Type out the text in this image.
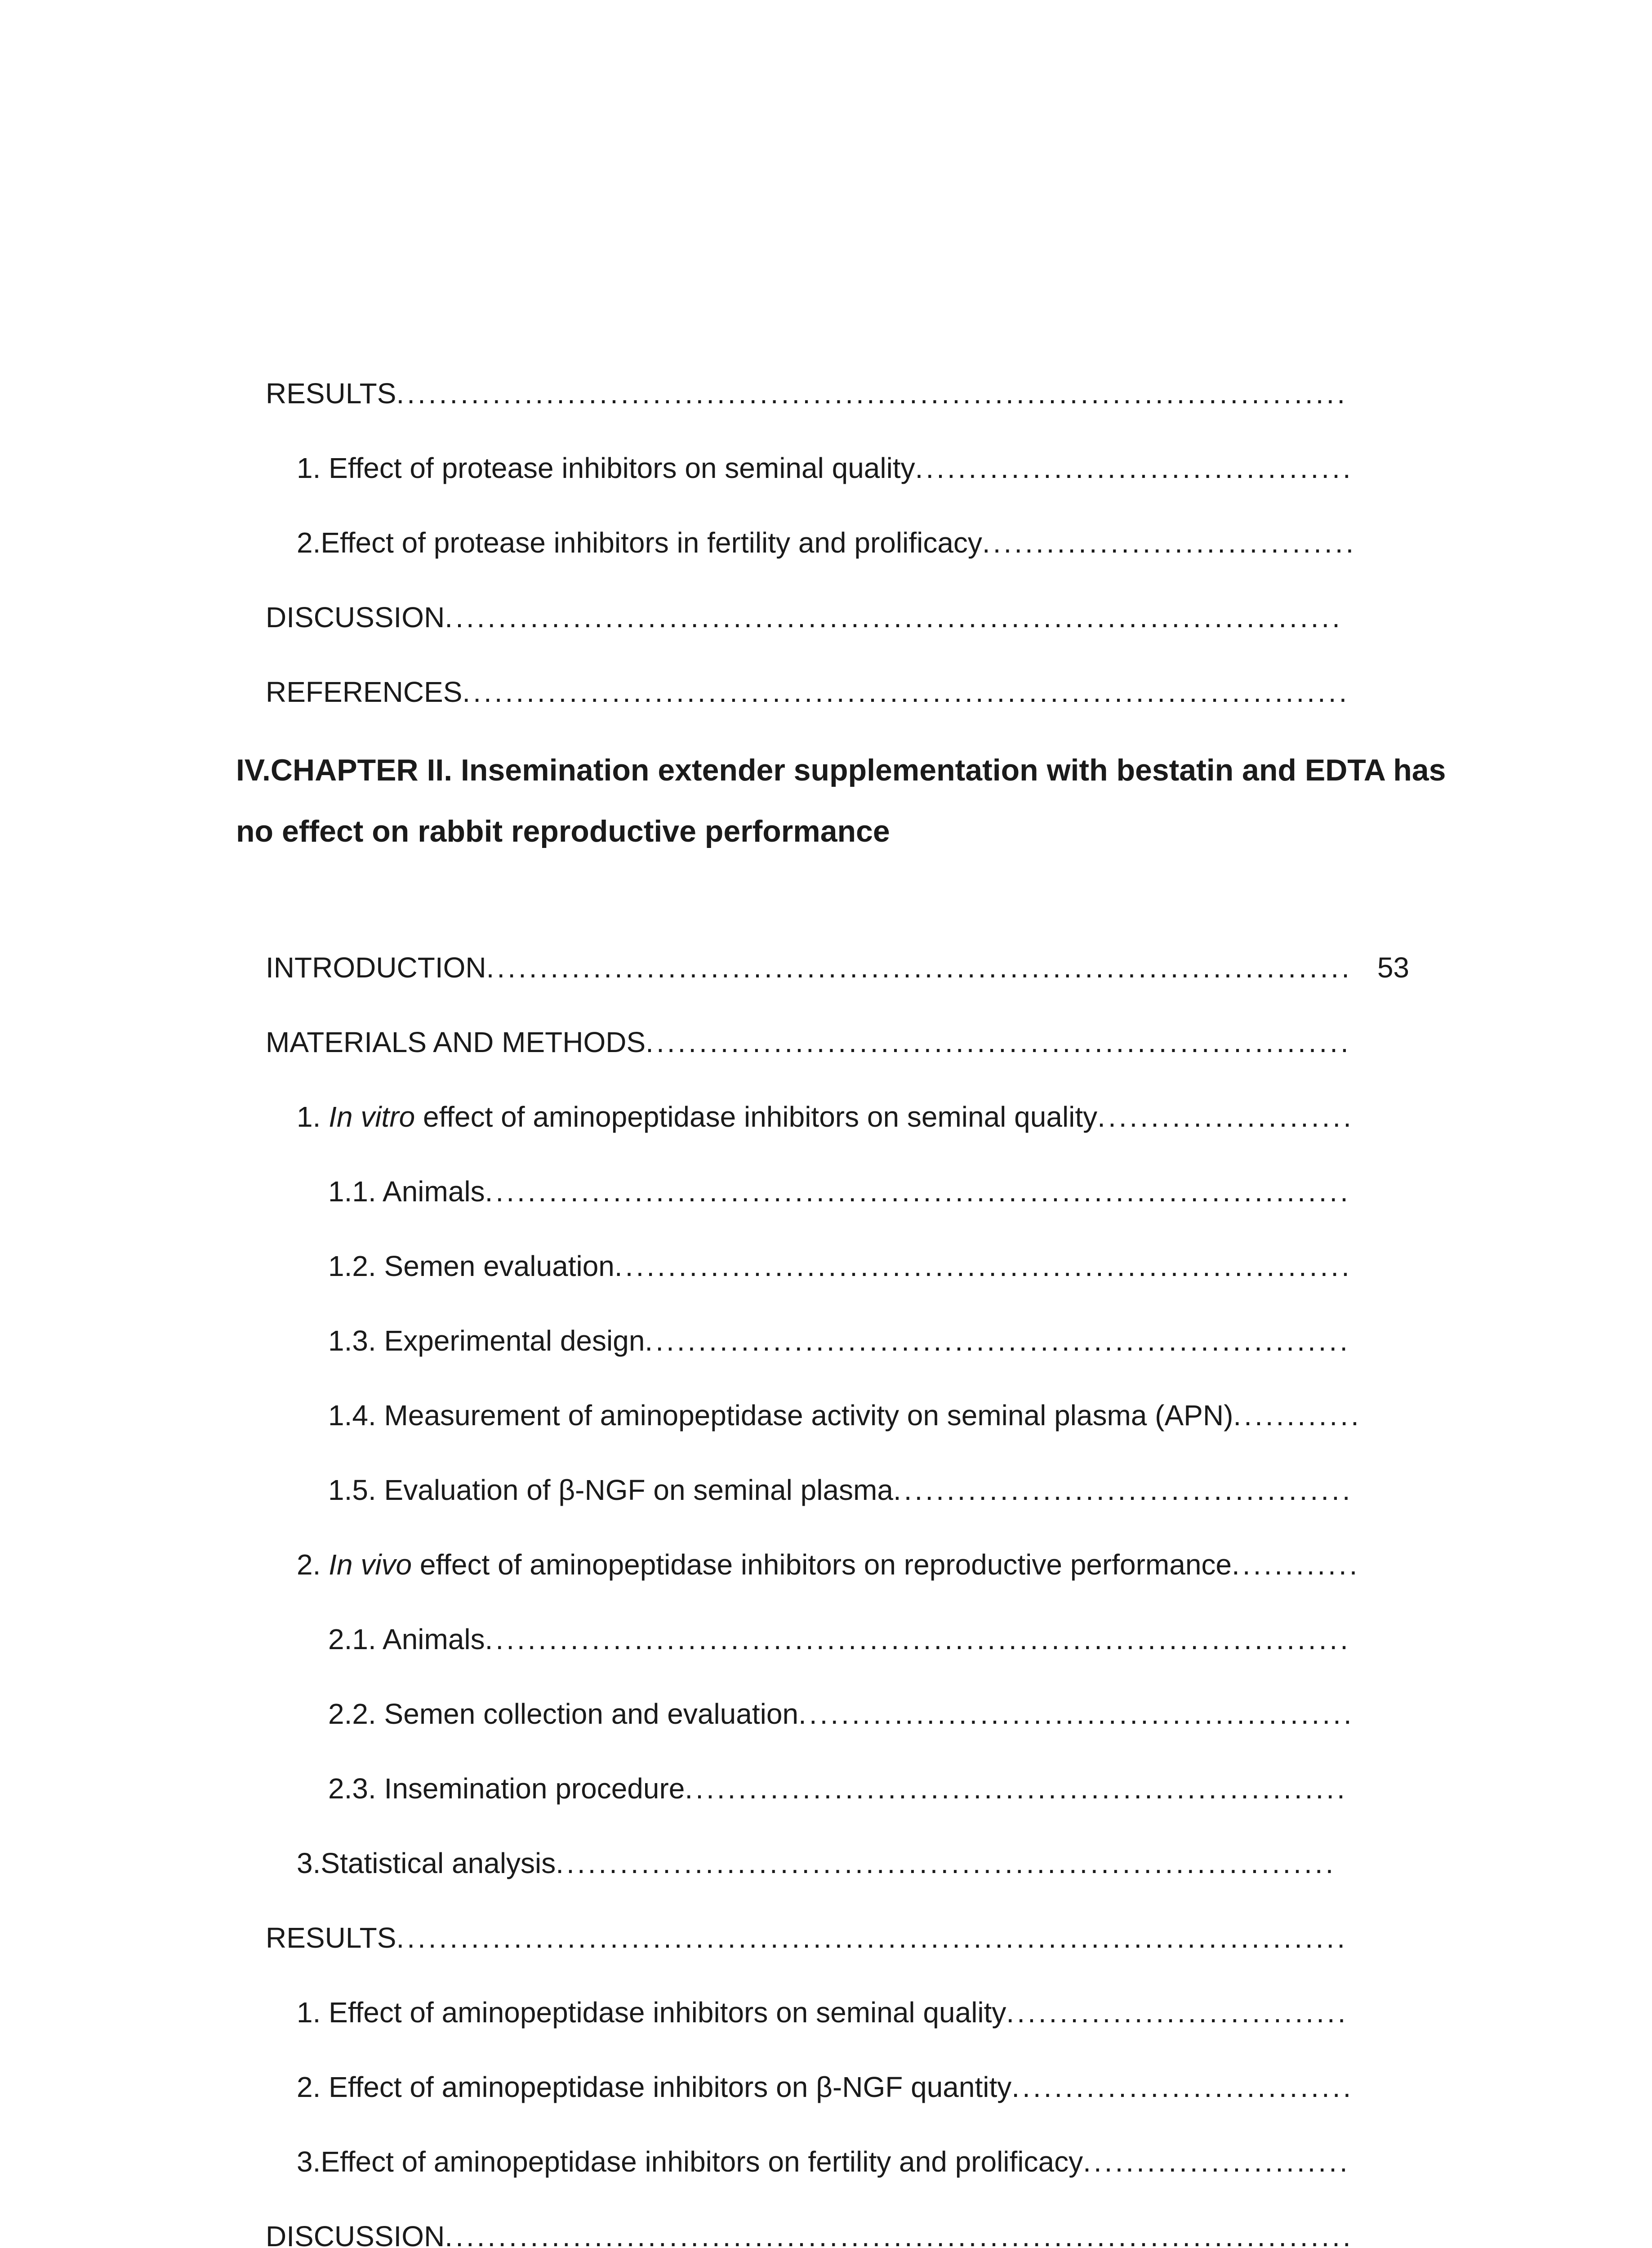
RESULTS.........................................................................................
1. Effect of protease inhibitors on seminal quality.........................................
2.Effect of protease inhibitors in fertility and prolificacy...................................
DISCUSSION....................................................................................
REFERENCES...................................................................................
IV.CHAPTER II. Insemination extender supplementation with bestatin and EDTA has
no effect on rabbit reproductive performance
INTRODUCTION................................................................................. 53
MATERIALS AND METHODS..................................................................
1. In vitro effect of aminopeptidase inhibitors on seminal quality........................
1.1. Animals.................................................................................
1.2. Semen evaluation.....................................................................
1.3. Experimental design..................................................................
1.4. Measurement of aminopeptidase activity on seminal plasma (APN)............
1.5. Evaluation of β-NGF on seminal plasma...........................................
2. In vivo effect of aminopeptidase inhibitors on reproductive performance............
2.1. Animals.................................................................................
2.2. Semen collection and evaluation....................................................
2.3. Insemination procedure..............................................................
3.Statistical analysis.........................................................................
RESULTS.........................................................................................
1. Effect of aminopeptidase inhibitors on seminal quality................................
2. Effect of aminopeptidase inhibitors on β-NGF quantity................................
3.Effect of aminopeptidase inhibitors on fertility and prolificacy.........................
DISCUSSION.....................................................................................
